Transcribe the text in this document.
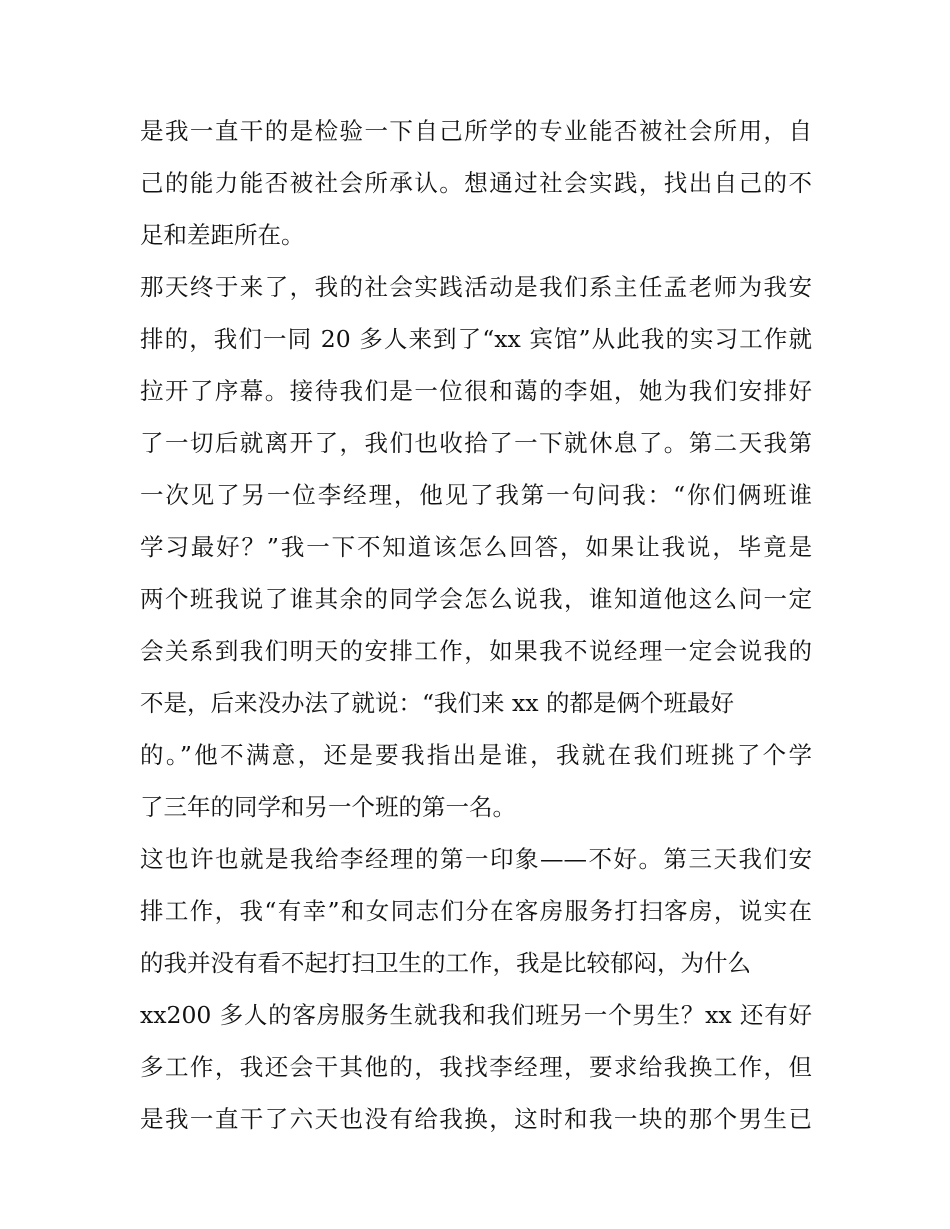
是我一直干的是检验一下自己所学的专业能否被社会所用，自
己的能力能否被社会所承认。想通过社会实践，找出自己的不
足和差距所在。
那天终于来了，我的社会实践活动是我们系主任孟老师为我安
排的，我们一同 20 多人来到了“xx 宾馆”从此我的实习工作就
拉开了序幕。接待我们是一位很和蔼的李姐，她为我们安排好
了一切后就离开了，我们也收拾了一下就休息了。第二天我第
一次见了另一位李经理，他见了我第一句问我：“你们俩班谁
学习最好？”我一下不知道该怎么回答，如果让我说，毕竟是
两个班我说了谁其余的同学会怎么说我，谁知道他这么问一定
会关系到我们明天的安排工作，如果我不说经理一定会说我的
不是，后来没办法了就说：“我们来 xx 的都是俩个班最好
的。”他不满意，还是要我指出是谁，我就在我们班挑了个学
了三年的同学和另一个班的第一名。
这也许也就是我给李经理的第一印象——不好。第三天我们安
排工作，我“有幸”和女同志们分在客房服务打扫客房，说实在
的我并没有看不起打扫卫生的工作，我是比较郁闷，为什么
xx200 多人的客房服务生就我和我们班另一个男生？xx 还有好
多工作，我还会干其他的，我找李经理，要求给我换工作，但
是我一直干了六天也没有给我换，这时和我一块的那个男生已
